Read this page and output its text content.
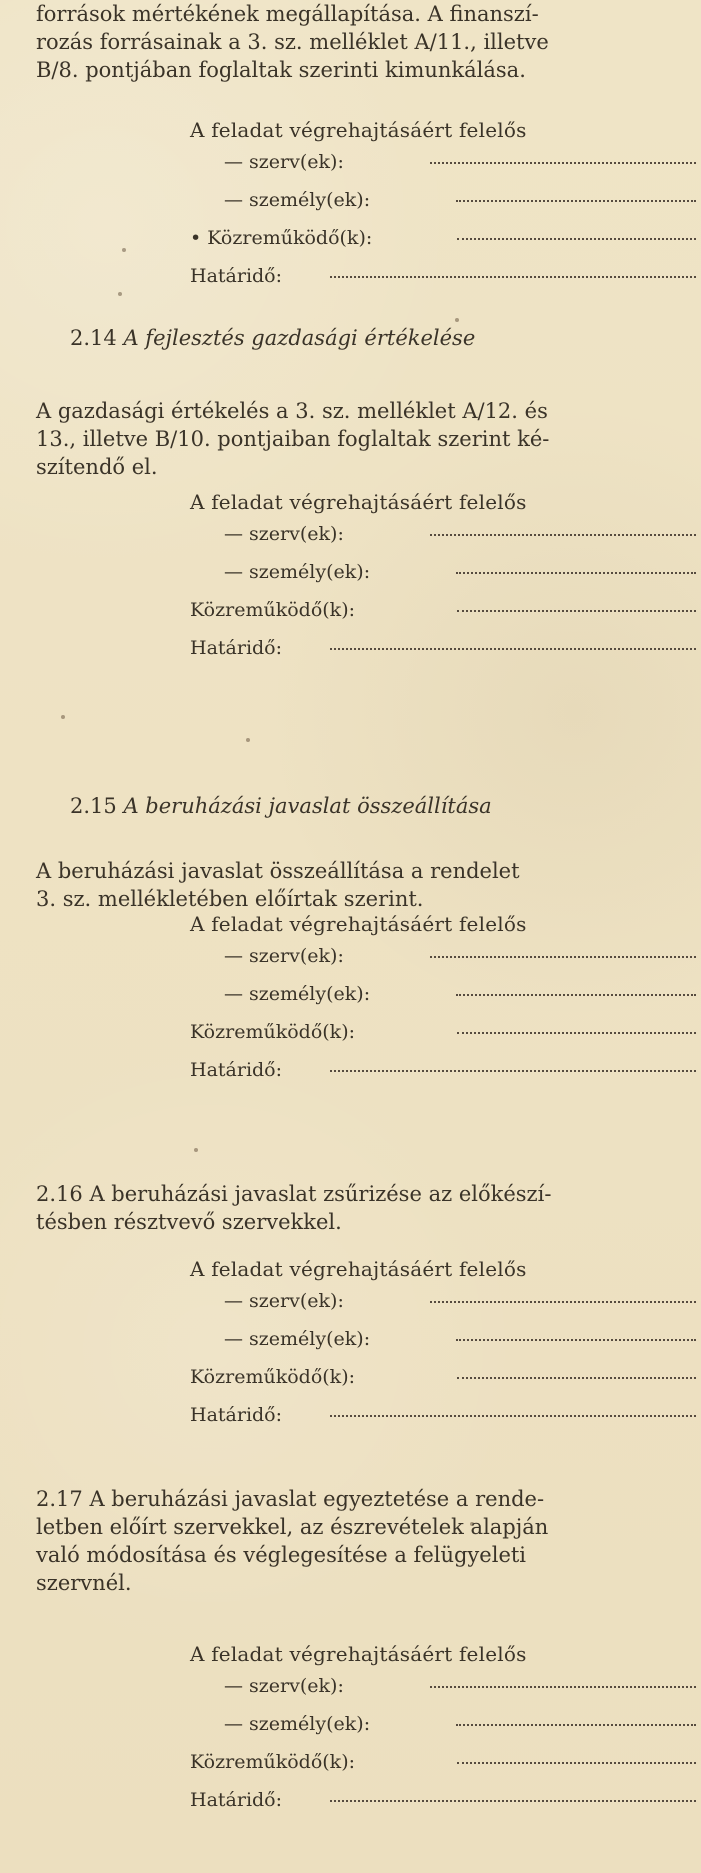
források mértékének megállapítása. A finanszí-
rozás forrásainak a 3. sz. melléklet A/11., illetve
B/8. pontjában foglaltak szerinti kimunkálása.
A feladat végrehajtásáért felelős
— szerv(ek):
— személy(ek):
• Közreműködő(k):
Határidő:
2.14 A fejlesztés gazdasági értékelése
A gazdasági értékelés a 3. sz. melléklet A/12. és
13., illetve B/10. pontjaiban foglaltak szerint ké-
szítendő el.
A feladat végrehajtásáért felelős
— szerv(ek):
— személy(ek):
Közreműködő(k):
Határidő:
2.15 A beruházási javaslat összeállítása
A beruházási javaslat összeállítása a rendelet
3. sz. mellékletében előírtak szerint.
A feladat végrehajtásáért felelős
— szerv(ek):
— személy(ek):
Közreműködő(k):
Határidő:
2.16 A beruházási javaslat zsűrizése az előkészí-
tésben résztvevő szervekkel.
A feladat végrehajtásáért felelős
— szerv(ek):
— személy(ek):
Közreműködő(k):
Határidő:
2.17 A beruházási javaslat egyeztetése a rende-
letben előírt szervekkel, az észrevételek alapján
való módosítása és véglegesítése a felügyeleti
szervnél.
A feladat végrehajtásáért felelős
— szerv(ek):
— személy(ek):
Közreműködő(k):
Határidő:
